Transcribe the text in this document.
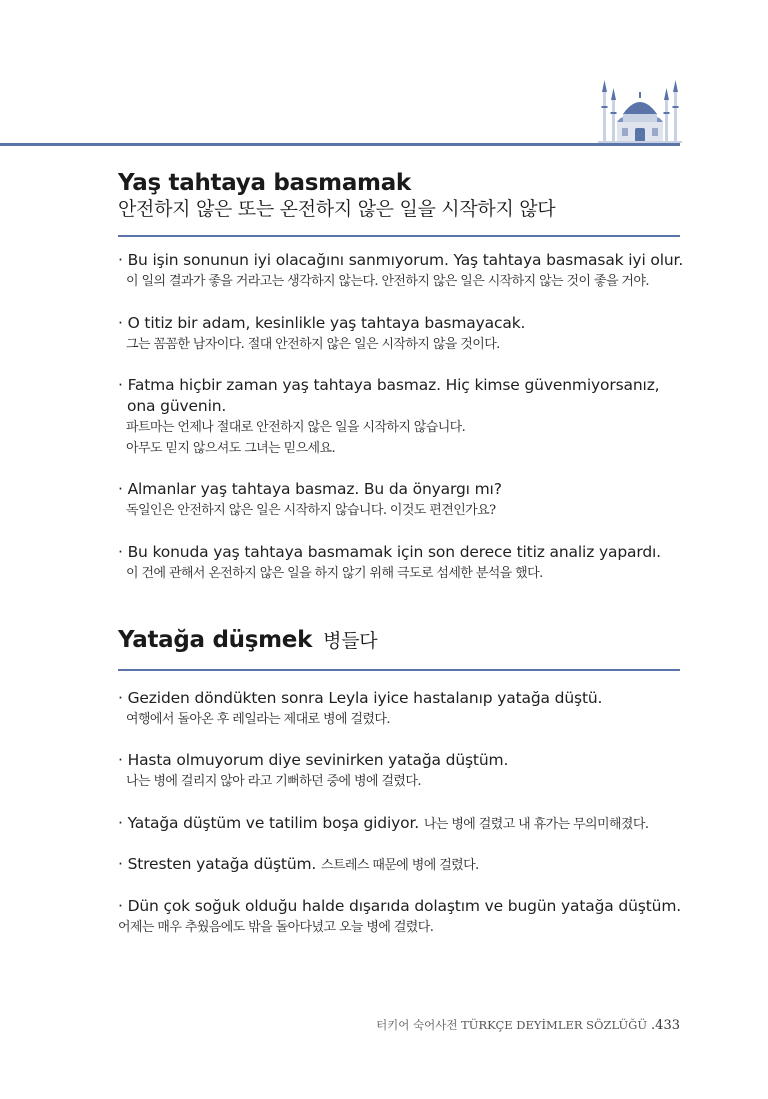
Yaş tahtaya basmamak
안전하지 않은 또는 온전하지 않은 일을 시작하지 않다
· Bu işin sonunun iyi olacağını sanmıyorum. Yaş tahtaya basmasak iyi olur.
이 일의 결과가 좋을 거라고는 생각하지 않는다. 안전하지 않은 일은 시작하지 않는 것이 좋을 거야.
· O titiz bir adam, kesinlikle yaş tahtaya basmayacak.
그는 꼼꼼한 남자이다. 절대 안전하지 않은 일은 시작하지 않을 것이다.
· Fatma hiçbir zaman yaş tahtaya basmaz. Hiç kimse güvenmiyorsanız,
ona güvenin.
파트마는 언제나 절대로 안전하지 않은 일을 시작하지 않습니다.
아무도 믿지 않으셔도 그녀는 믿으세요.
· Almanlar yaş tahtaya basmaz. Bu da önyargı mı?
독일인은 안전하지 않은 일은 시작하지 않습니다. 이것도 편견인가요?
· Bu konuda yaş tahtaya basmamak için son derece titiz analiz yapardı.
이 건에 관해서 온전하지 않은 일을 하지 않기 위해 극도로 섬세한 분석을 했다.
Yatağa düşmek 병들다
· Geziden döndükten sonra Leyla iyice hastalanıp yatağa düştü.
여행에서 돌아온 후 레일라는 제대로 병에 걸렸다.
· Hasta olmuyorum diye sevinirken yatağa düştüm.
나는 병에 걸리지 않아 라고 기뻐하던 중에 병에 걸렸다.
· Yatağa düştüm ve tatilim boşa gidiyor. 나는 병에 걸렸고 내 휴가는 무의미해졌다.
· Stresten yatağa düştüm. 스트레스 때문에 병에 걸렸다.
· Dün çok soğuk olduğu halde dışarıda dolaştım ve bugün yatağa düştüm.
어제는 매우 추웠음에도 밖을 돌아다녔고 오늘 병에 걸렸다.
터키어 숙어사전 TÜRKÇE DEYİMLER SÖZLÜĞÜ .433
